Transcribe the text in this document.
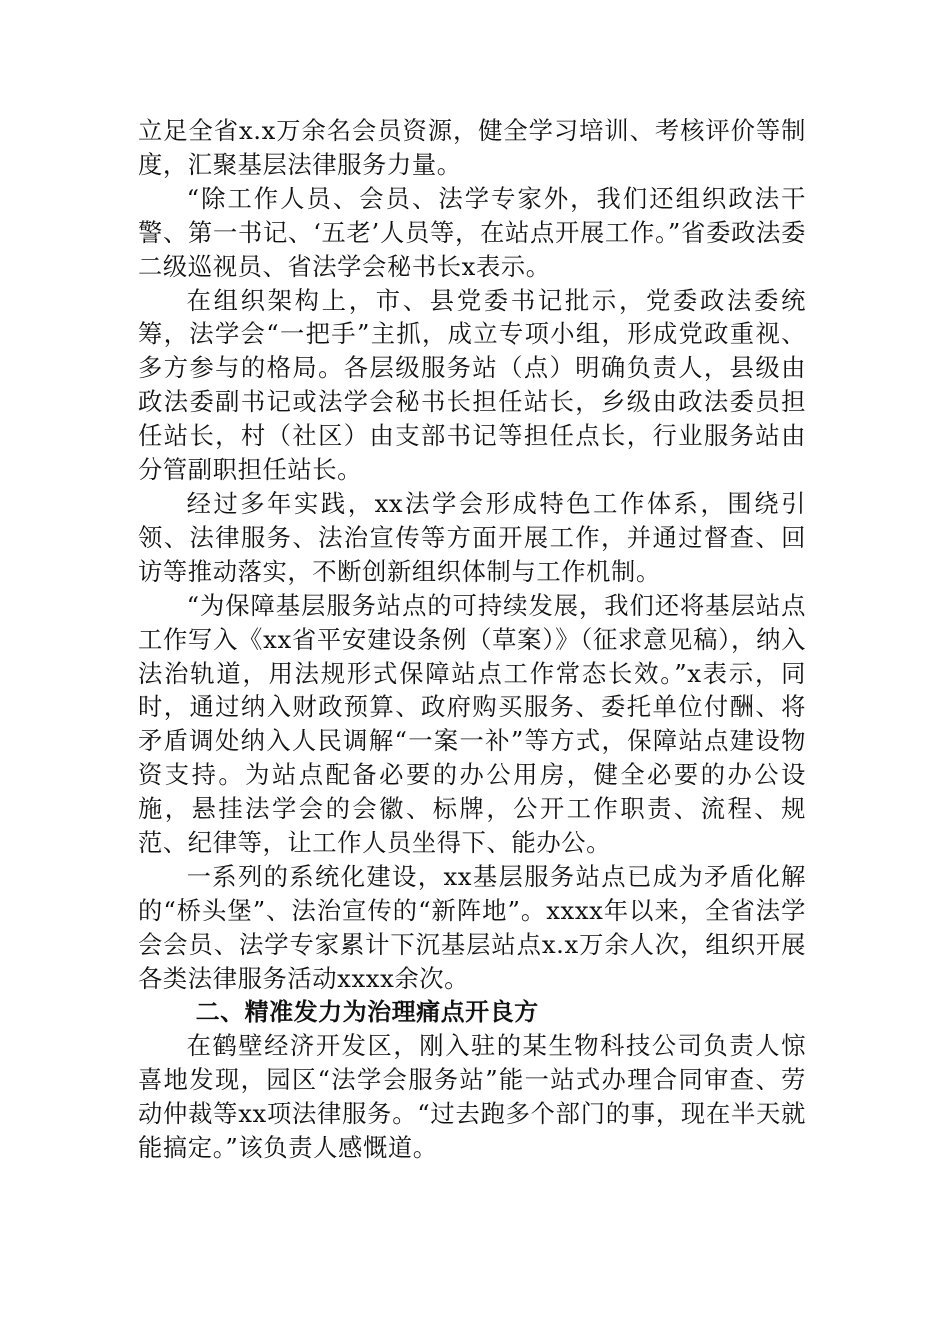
立足全省x.x万余名会员资源，健全学习培训、考核评价等制度，汇聚基层法律服务力量。

“除工作人员、会员、法学专家外，我们还组织政法干警、第一书记、‘五老’人员等，在站点开展工作。”省委政法委二级巡视员、省法学会秘书长x表示。

在组织架构上，市、县党委书记批示，党委政法委统筹，法学会“一把手”主抓，成立专项小组，形成党政重视、多方参与的格局。各层级服务站（点）明确负责人，县级由政法委副书记或法学会秘书长担任站长，乡级由政法委员担任站长，村（社区）由支部书记等担任点长，行业服务站由分管副职担任站长。

经过多年实践，xx法学会形成特色工作体系，围绕引领、法律服务、法治宣传等方面开展工作，并通过督查、回访等推动落实，不断创新组织体制与工作机制。

“为保障基层服务站点的可持续发展，我们还将基层站点工作写入《xx省平安建设条例（草案）》（征求意见稿），纳入法治轨道，用法规形式保障站点工作常态长效。”x表示，同时，通过纳入财政预算、政府购买服务、委托单位付酬、将矛盾调处纳入人民调解“一案一补”等方式，保障站点建设物资支持。为站点配备必要的办公用房，健全必要的办公设施，悬挂法学会的会徽、标牌，公开工作职责、流程、规范、纪律等，让工作人员坐得下、能办公。

一系列的系统化建设，xx基层服务站点已成为矛盾化解的“桥头堡”、法治宣传的“新阵地”。xxxx年以来，全省法学会会员、法学专家累计下沉基层站点x.x万余人次，组织开展各类法律服务活动xxxx余次。

二、精准发力为治理痛点开良方

在鹤壁经济开发区，刚入驻的某生物科技公司负责人惊喜地发现，园区“法学会服务站”能一站式办理合同审查、劳动仲裁等xx项法律服务。“过去跑多个部门的事，现在半天就能搞定。”该负责人感慨道。
